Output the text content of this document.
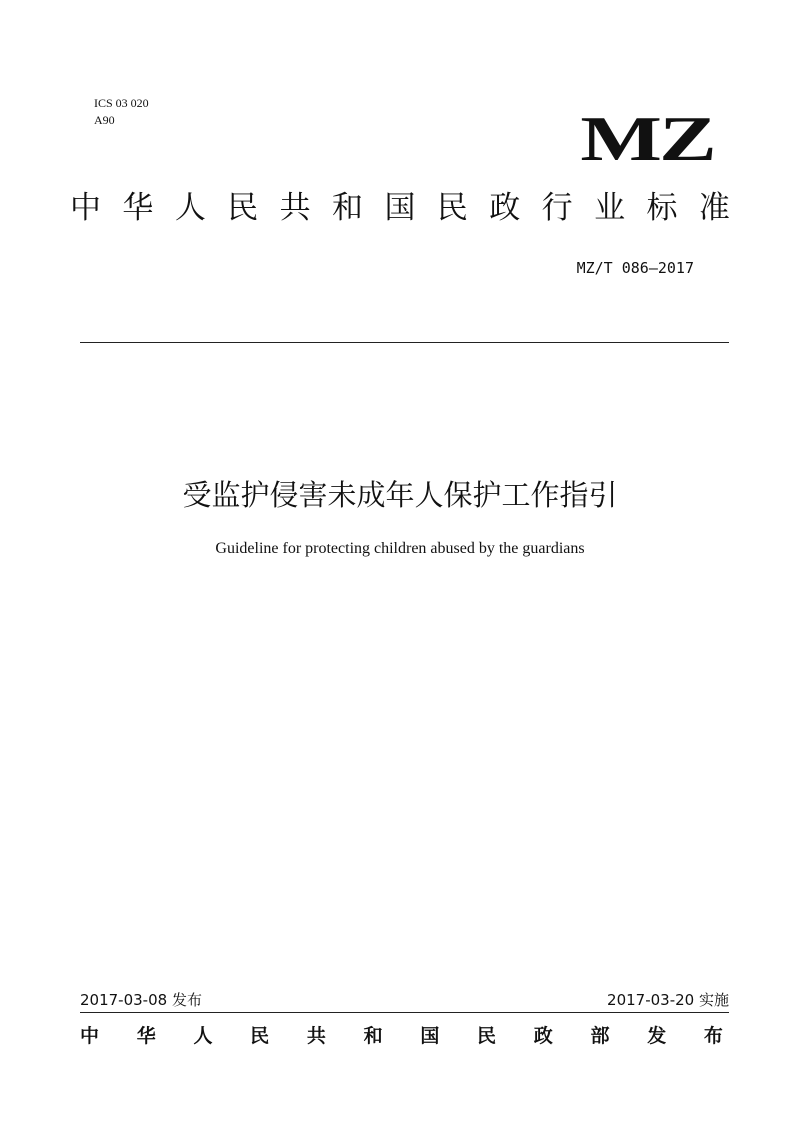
ICS 03 020
A90	MZ
中 华 人 民 共 和 国 民 政 行 业 标 准
MZ/T 086—2017
受监护侵害未成年人保护工作指引
Guideline for protecting children abused by the guardians
2017-03-08 发布	2017-03-20 实施
中 华 人 民 共 和 国 民 政 部 发 布
